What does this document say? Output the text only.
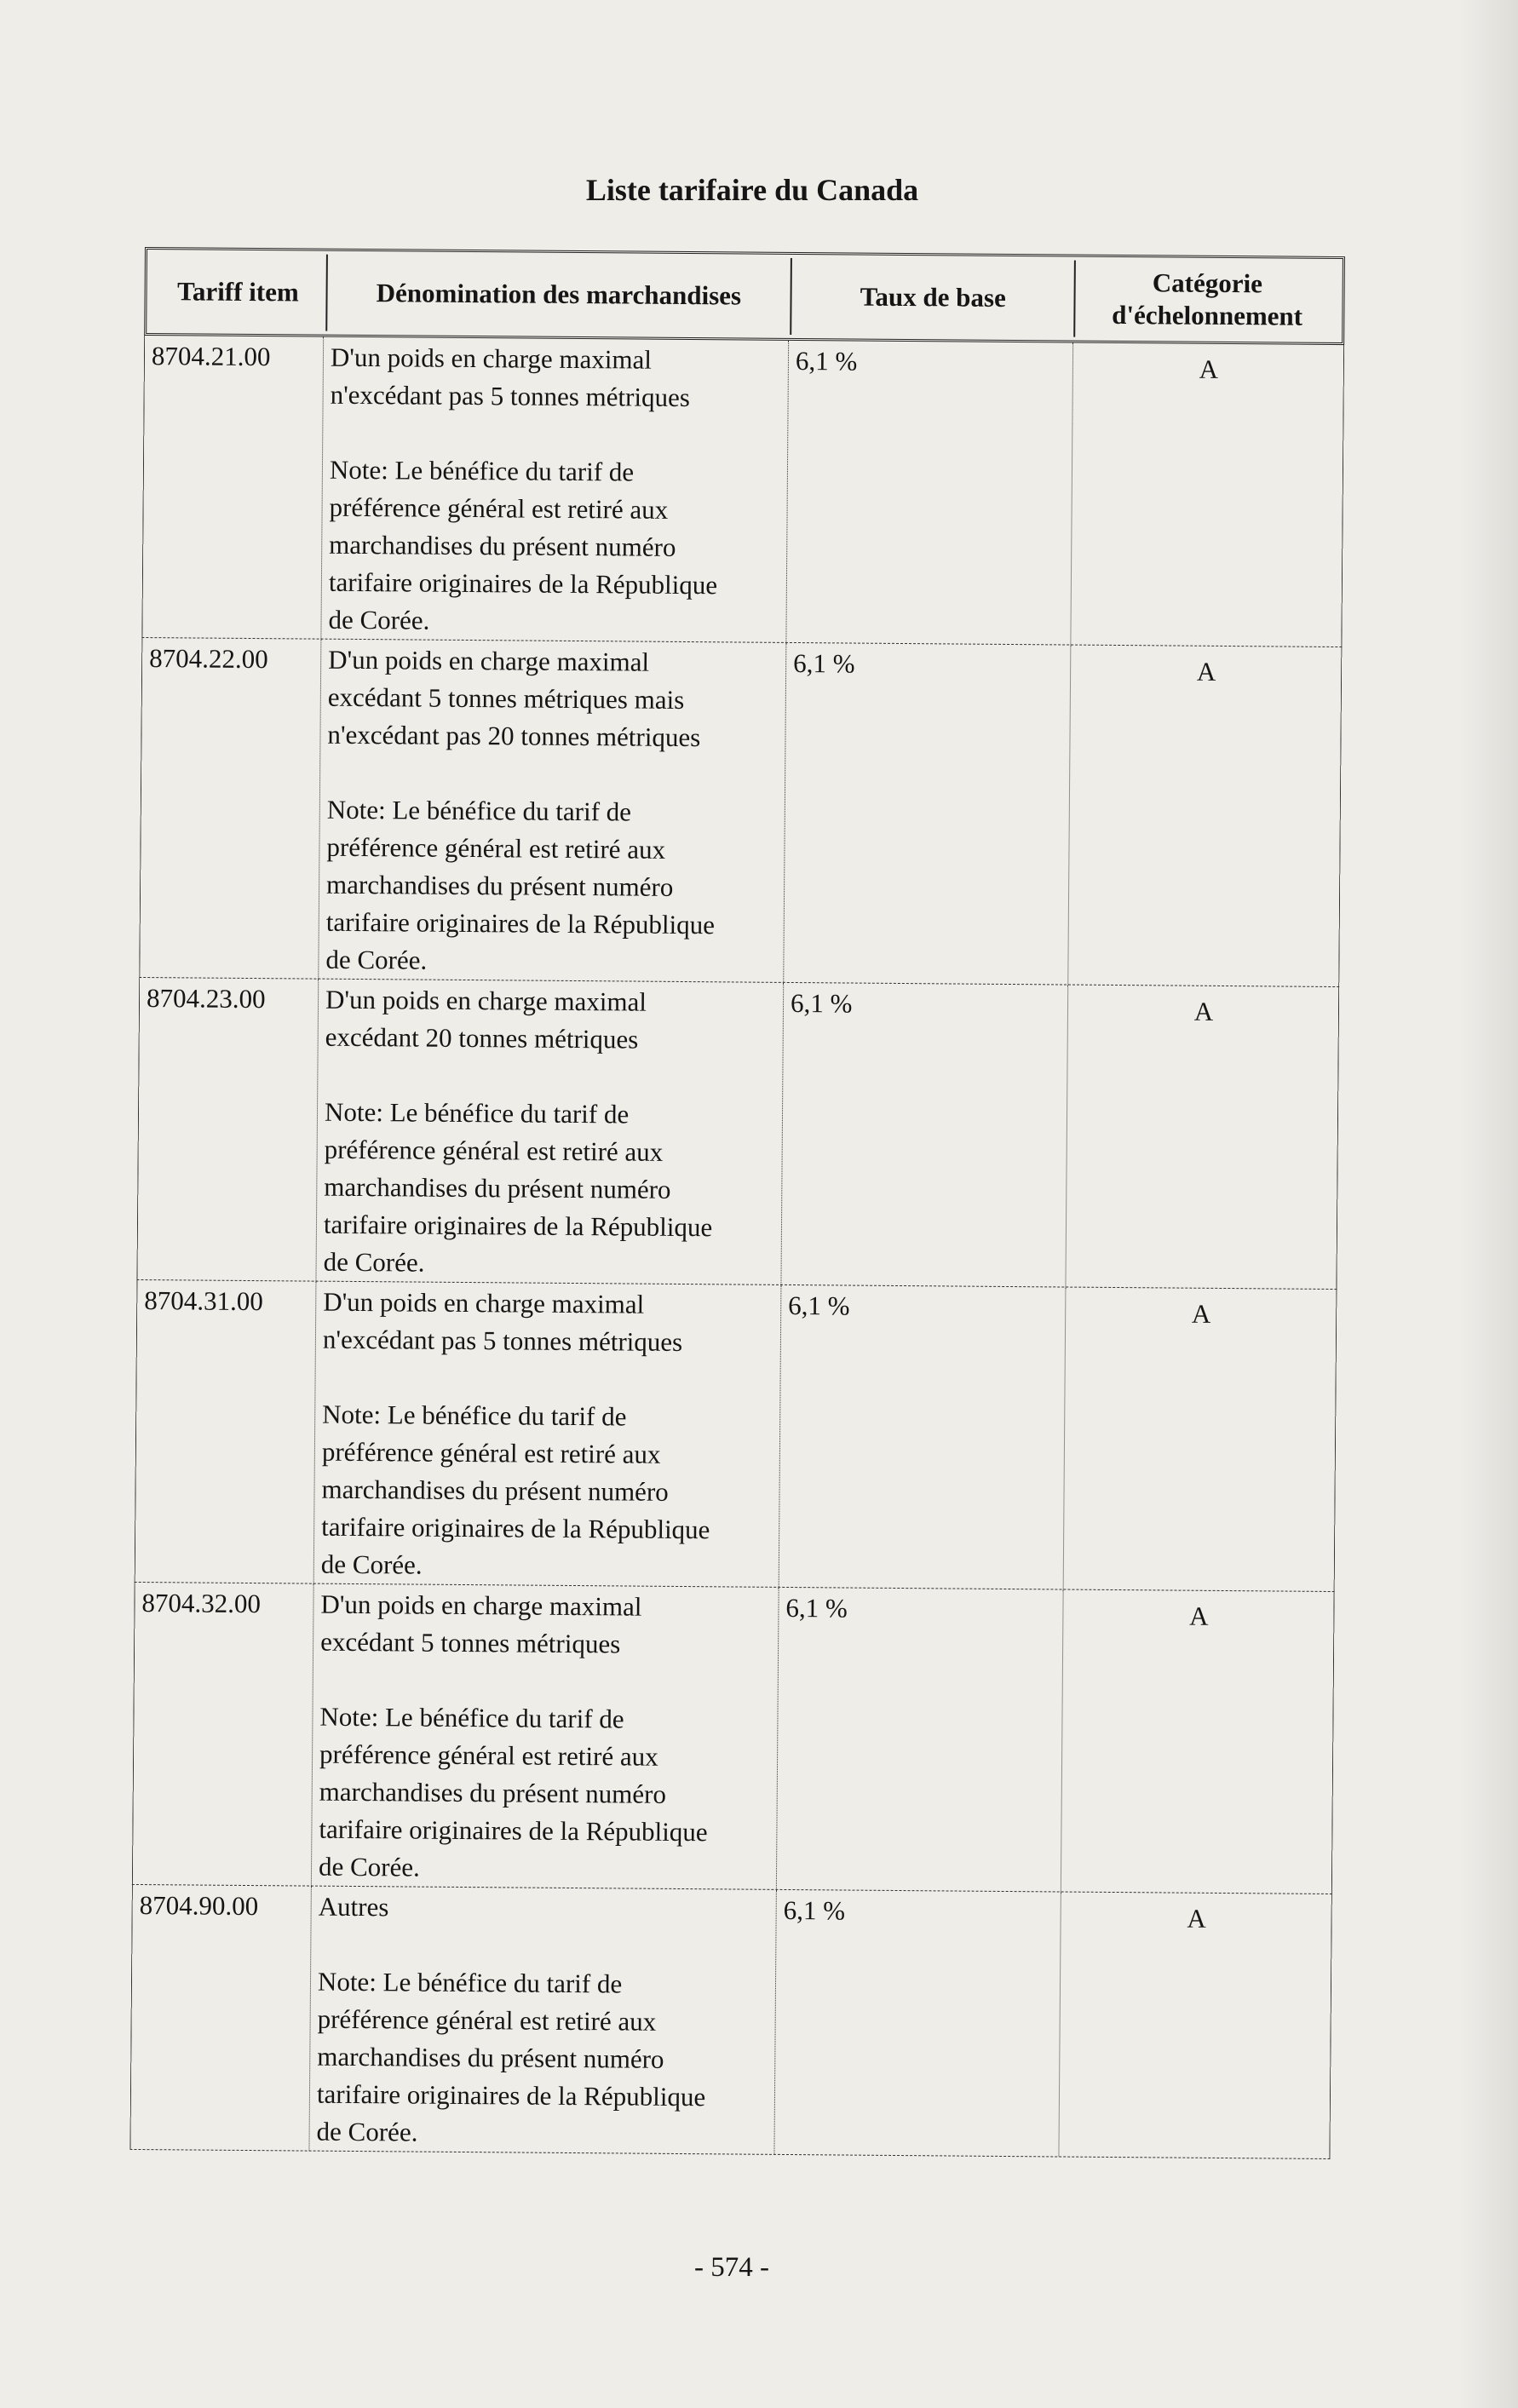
Liste tarifaire du Canada
Tariff item	Dénomination des marchandises	Taux de base	Catégorie
d'échelonnement
8704.21.00	D'un poids en charge maximal
n'excédant pas 5 tonnes métriques
Note: Le bénéfice du tarif de
préférence général est retiré aux
marchandises du présent numéro
tarifaire originaires de la République
de Corée.
6,1 %	A
8704.22.00	D'un poids en charge maximal
excédant 5 tonnes métriques mais
n'excédant pas 20 tonnes métriques
Note: Le bénéfice du tarif de
préférence général est retiré aux
marchandises du présent numéro
tarifaire originaires de la République
de Corée.
6,1 %	A
8704.23.00	D'un poids en charge maximal
excédant 20 tonnes métriques
Note: Le bénéfice du tarif de
préférence général est retiré aux
marchandises du présent numéro
tarifaire originaires de la République
de Corée.
6,1 %	A
8704.31.00	D'un poids en charge maximal
n'excédant pas 5 tonnes métriques
Note: Le bénéfice du tarif de
préférence général est retiré aux
marchandises du présent numéro
tarifaire originaires de la République
de Corée.
6,1 %	A
8704.32.00	D'un poids en charge maximal
excédant 5 tonnes métriques
Note: Le bénéfice du tarif de
préférence général est retiré aux
marchandises du présent numéro
tarifaire originaires de la République
de Corée.
6,1 %	A
8704.90.00	Autres
Note: Le bénéfice du tarif de
préférence général est retiré aux
marchandises du présent numéro
tarifaire originaires de la République
de Corée.
6,1 %	A
- 574 -
